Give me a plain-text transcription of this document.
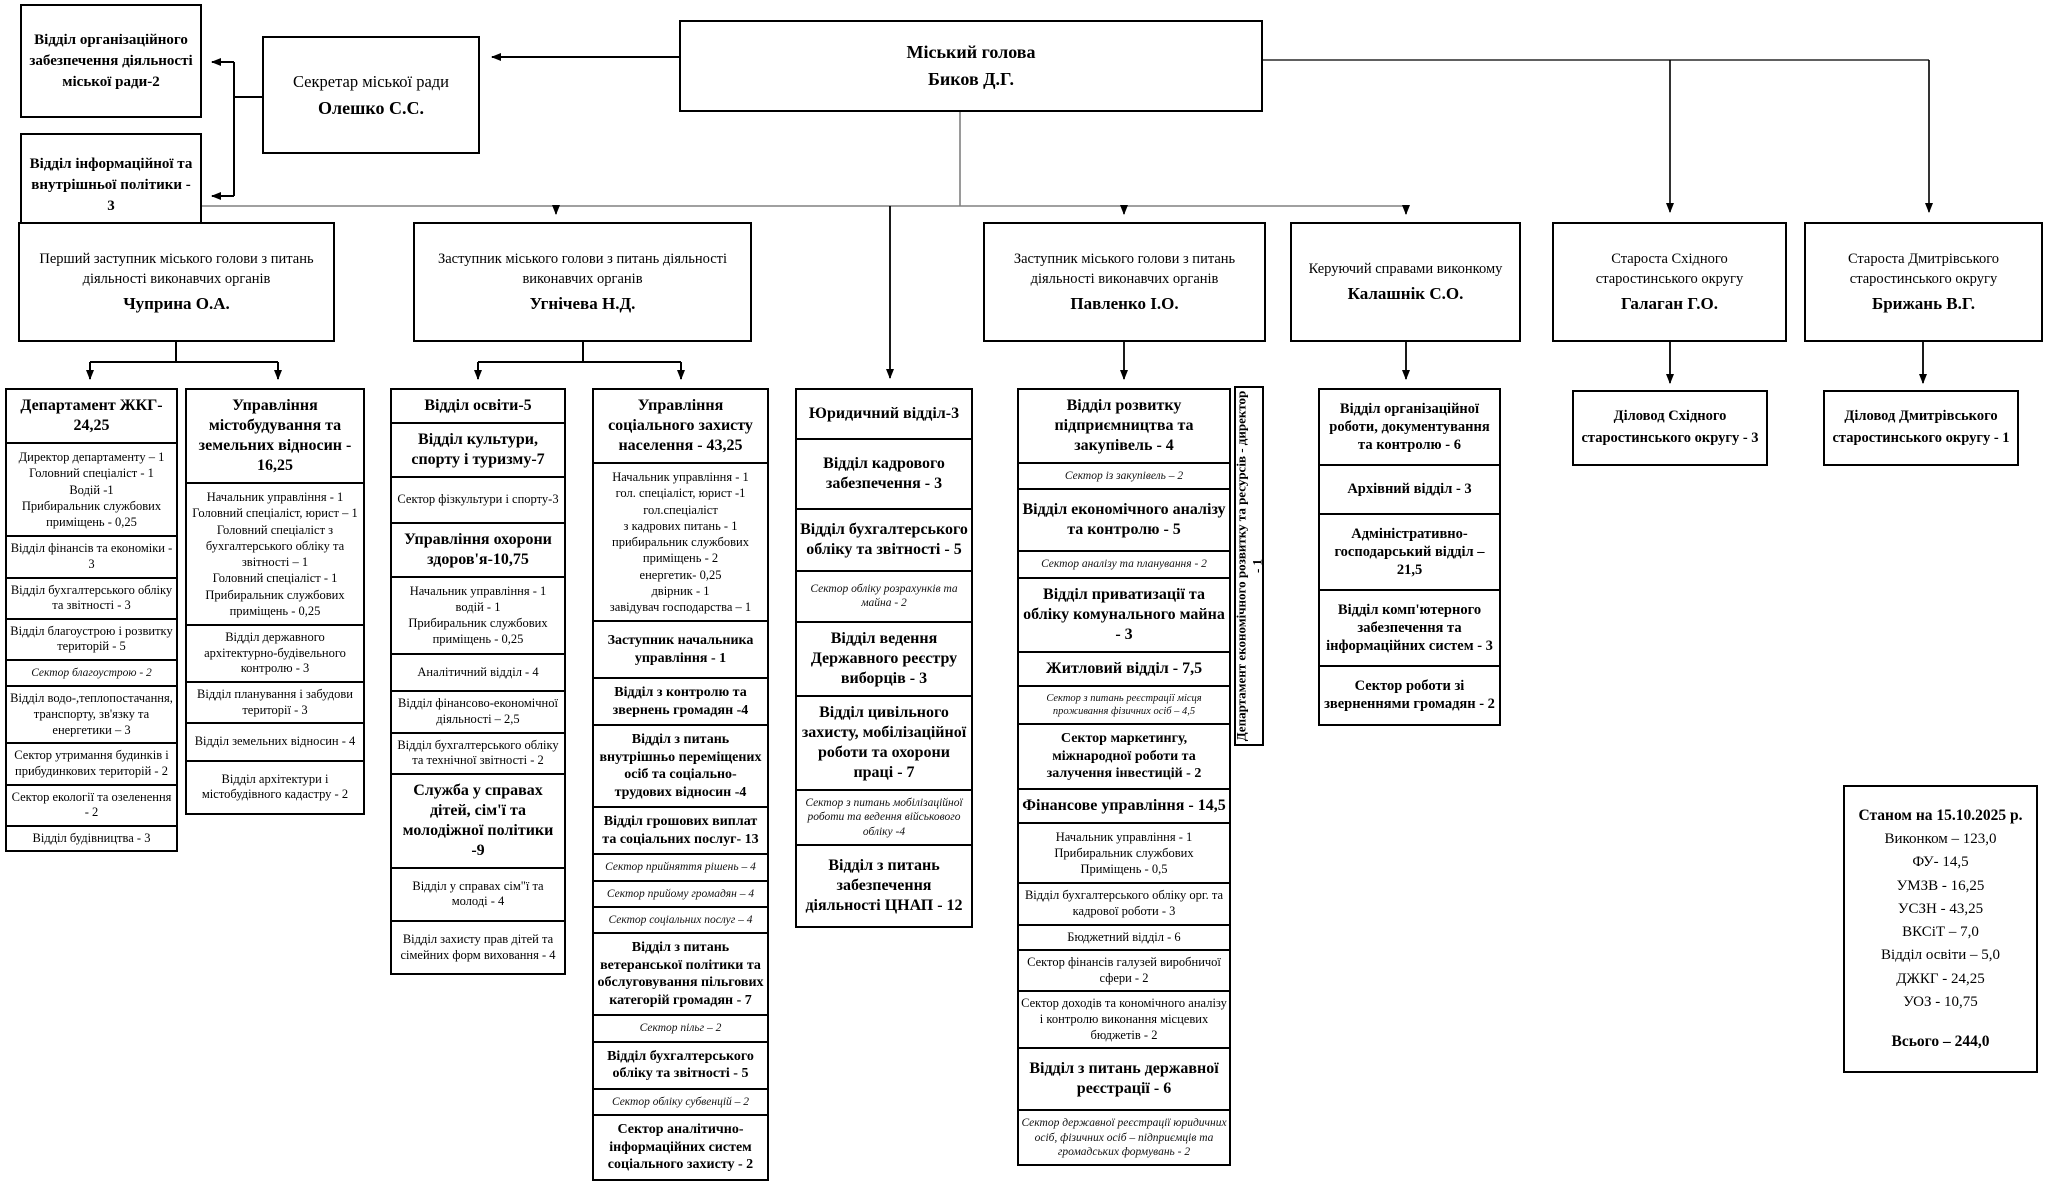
Відділ організаційного забезпечення діяльності міської ради-2
Відділ інформаційної та внутрішньої політики - 3
Секретар міської ради
Олешко С.С.
Міський голова
Биков Д.Г.
Перший заступник міського голови з питань діяльності виконавчих органів
Чуприна О.А.
Заступник міського голови з питань діяльності виконавчих органів
Угнічева Н.Д.
Заступник міського голови з питань діяльності виконавчих органів
Павленко І.О.
Керуючий справами виконкому
Калашнік С.О.
Староста Східного старостинського округу
Галаган Г.О.
Староста Дмитрівського старостинського округу
Брижань В.Г.
Департамент ЖКГ- 24,25
Директор департаменту – 1
Головний спеціаліст - 1
Водій -1
Прибиральник службових приміщень - 0,25
Відділ фінансів та економіки - 3
Відділ бухгалтерського обліку та звітності - 3
Відділ благоустрою і розвитку територій - 5
Сектор благоустрою - 2
Відділ водо-,теплопостачання, транспорту, зв'язку та енергетики – 3
Сектор утримання будинків і прибудинкових територій - 2
Сектор екології та озеленення - 2
Відділ будівництва - 3
Управління містобудування та земельних відносин - 16,25
Начальник управління - 1
Головний спеціаліст, юрист – 1
Головний спеціаліст з бухгалтерського обліку та звітності – 1
Головний спеціаліст - 1
Прибиральник службових приміщень - 0,25
Відділ державного архітектурно-будівельного контролю - 3
Відділ планування і забудови території - 3
Відділ земельних відносин - 4
Відділ архітектури і містобудівного кадастру - 2
Відділ освіти-5
Відділ культури, спорту і туризму-7
Сектор фізкультури і спорту-3
Управління охорони здоров'я-10,75
Начальник управління - 1
водій - 1
Прибиральник службових приміщень - 0,25
Аналітичний відділ - 4
Відділ фінансово-економічної діяльності – 2,5
Відділ бухгалтерського обліку та технічної звітності - 2
Служба у справах дітей, сім'ї та молодіжної політики -9
Відділ у справах сім"ї та молоді - 4
Відділ захисту прав дітей та сімейних форм виховання - 4
Управління соціального захисту населення - 43,25
Начальник управління - 1
гол. спеціаліст, юрист -1
гол.спеціаліст
з кадрових питань - 1
прибиральник службових приміщень - 2
енергетик- 0,25
двірник - 1
завідувач господарства – 1
Заступник начальника управління - 1
Відділ з контролю та звернень громадян -4
Відділ з питань внутрішньо переміщених осіб та соціально-трудових відносин -4
Відділ грошових виплат та соціальних послуг- 13
Сектор прийняття рішень – 4
Сектор прийому громадян – 4
Сектор соціальних послуг – 4
Відділ з питань ветеранської політики та обслуговування пільгових категорій громадян - 7
Сектор пільг – 2
Відділ бухгалтерського обліку та звітності - 5
Сектор обліку субвенцій – 2
Сектор аналітично-інформаційних систем соціального захисту - 2
Юридичний відділ-3
Відділ кадрового забезпечення - 3
Відділ бухгалтерського обліку та звітності - 5
Сектор обліку розрахунків та майна - 2
Відділ ведення Державного реєстру виборців - 3
Відділ цивільного захисту, мобілізаційної роботи та охорони праці - 7
Сектор з питань мобілізаційної роботи та ведення військового обліку -4
Відділ з питань забезпечення діяльності ЦНАП - 12
Відділ розвитку підприємництва та закупівель - 4
Сектор із закупівель – 2
Відділ економічного аналізу та контролю - 5
Сектор аналізу та планування - 2
Відділ приватизації та обліку комунального майна - 3
Житловий відділ - 7,5
Сектор з питань реєстрації місця проживання фізичних осіб – 4,5
Сектор маркетингу, міжнародної роботи та залучення інвестицій - 2
Фінансове управління - 14,5
Начальник управління - 1
Прибиральник службових
Приміщень - 0,5
Відділ бухгалтерського обліку орг. та кадрової роботи - 3
Бюджетний відділ - 6
Сектор фінансів галузей виробничої сфери - 2
Сектор доходів та кономічного аналізу і контролю виконання місцевих бюджетів - 2
Відділ з питань державної реєстрації - 6
Сектор державної реєстрації юридичних осіб, фізичних осіб – підприємців та громадських формувань - 2
Департамент економічного розвитку та ресурсів - директор - 1
Відділ організаційної роботи, документування та контролю - 6
Архівний відділ - 3
Адміністративно-господарський відділ – 21,5
Відділ комп'ютерного забезпечення та інформаційних систем - 3
Сектор роботи зі зверненнями громадян - 2
Діловод Східного старостинського округу - 3
Діловод Дмитрівського старостинського округу - 1
Станом на 15.10.2025 р.
Виконком – 123,0
ФУ- 14,5
УМЗВ - 16,25
УСЗН - 43,25
ВКСіТ – 7,0
Відділ освіти – 5,0
ДЖКГ - 24,25
УОЗ - 10,75
Всього – 244,0
